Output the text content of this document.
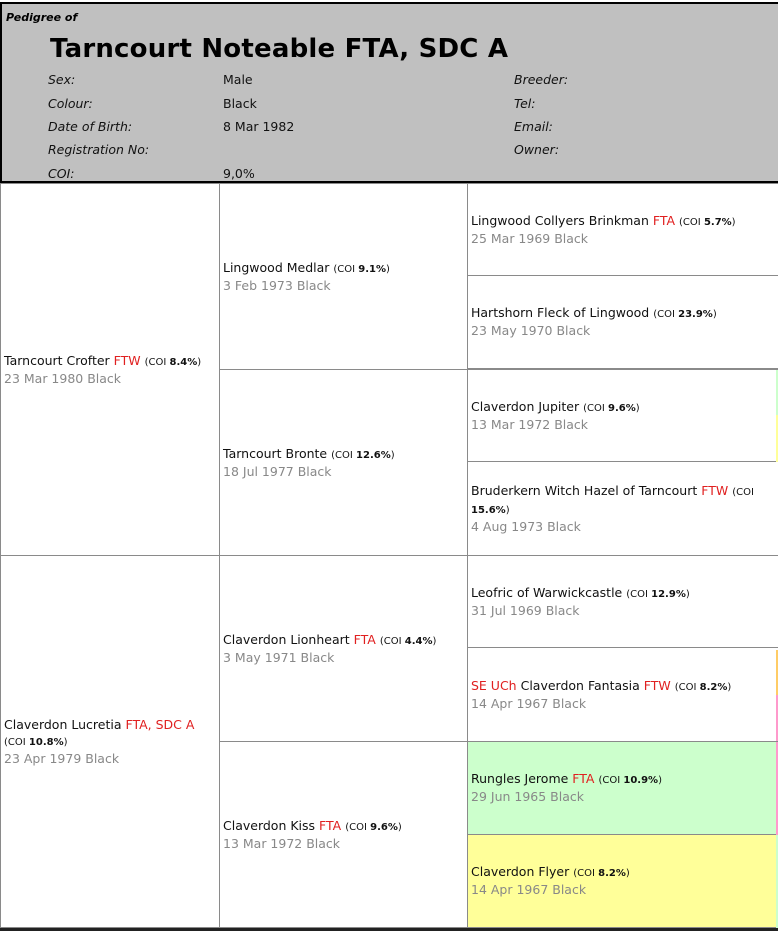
Pedigree of
Tarncourt Noteable FTA, SDC A
Sex:	Male
Colour:	Black
Date of Birth:	8 Mar 1982
Registration No:
COI:	9,0%
Breeder:
Tel:
Email:
Owner:
Tarncourt Crofter FTW (COI 8.4%)
23 Mar 1980 Black
Claverdon Lucretia FTA, SDC A (COI 10.8%)
23 Apr 1979 Black
Lingwood Medlar (COI 9.1%)
3 Feb 1973 Black
Tarncourt Bronte (COI 12.6%)
18 Jul 1977 Black
Claverdon Lionheart FTA (COI 4.4%)
3 May 1971 Black
Claverdon Kiss FTA (COI 9.6%)
13 Mar 1972 Black
Lingwood Collyers Brinkman FTA (COI 5.7%)
25 Mar 1969 Black
Hartshorn Fleck of Lingwood (COI 23.9%)
23 May 1970 Black
Claverdon Jupiter (COI 9.6%)
13 Mar 1972 Black
Bruderkern Witch Hazel of Tarncourt FTW (COI 15.6%)
4 Aug 1973 Black
Leofric of Warwickcastle (COI 12.9%)
31 Jul 1969 Black
SE UCh Claverdon Fantasia FTW (COI 8.2%)
14 Apr 1967 Black
Rungles Jerome FTA (COI 10.9%)
29 Jun 1965 Black
Claverdon Flyer (COI 8.2%)
14 Apr 1967 Black
